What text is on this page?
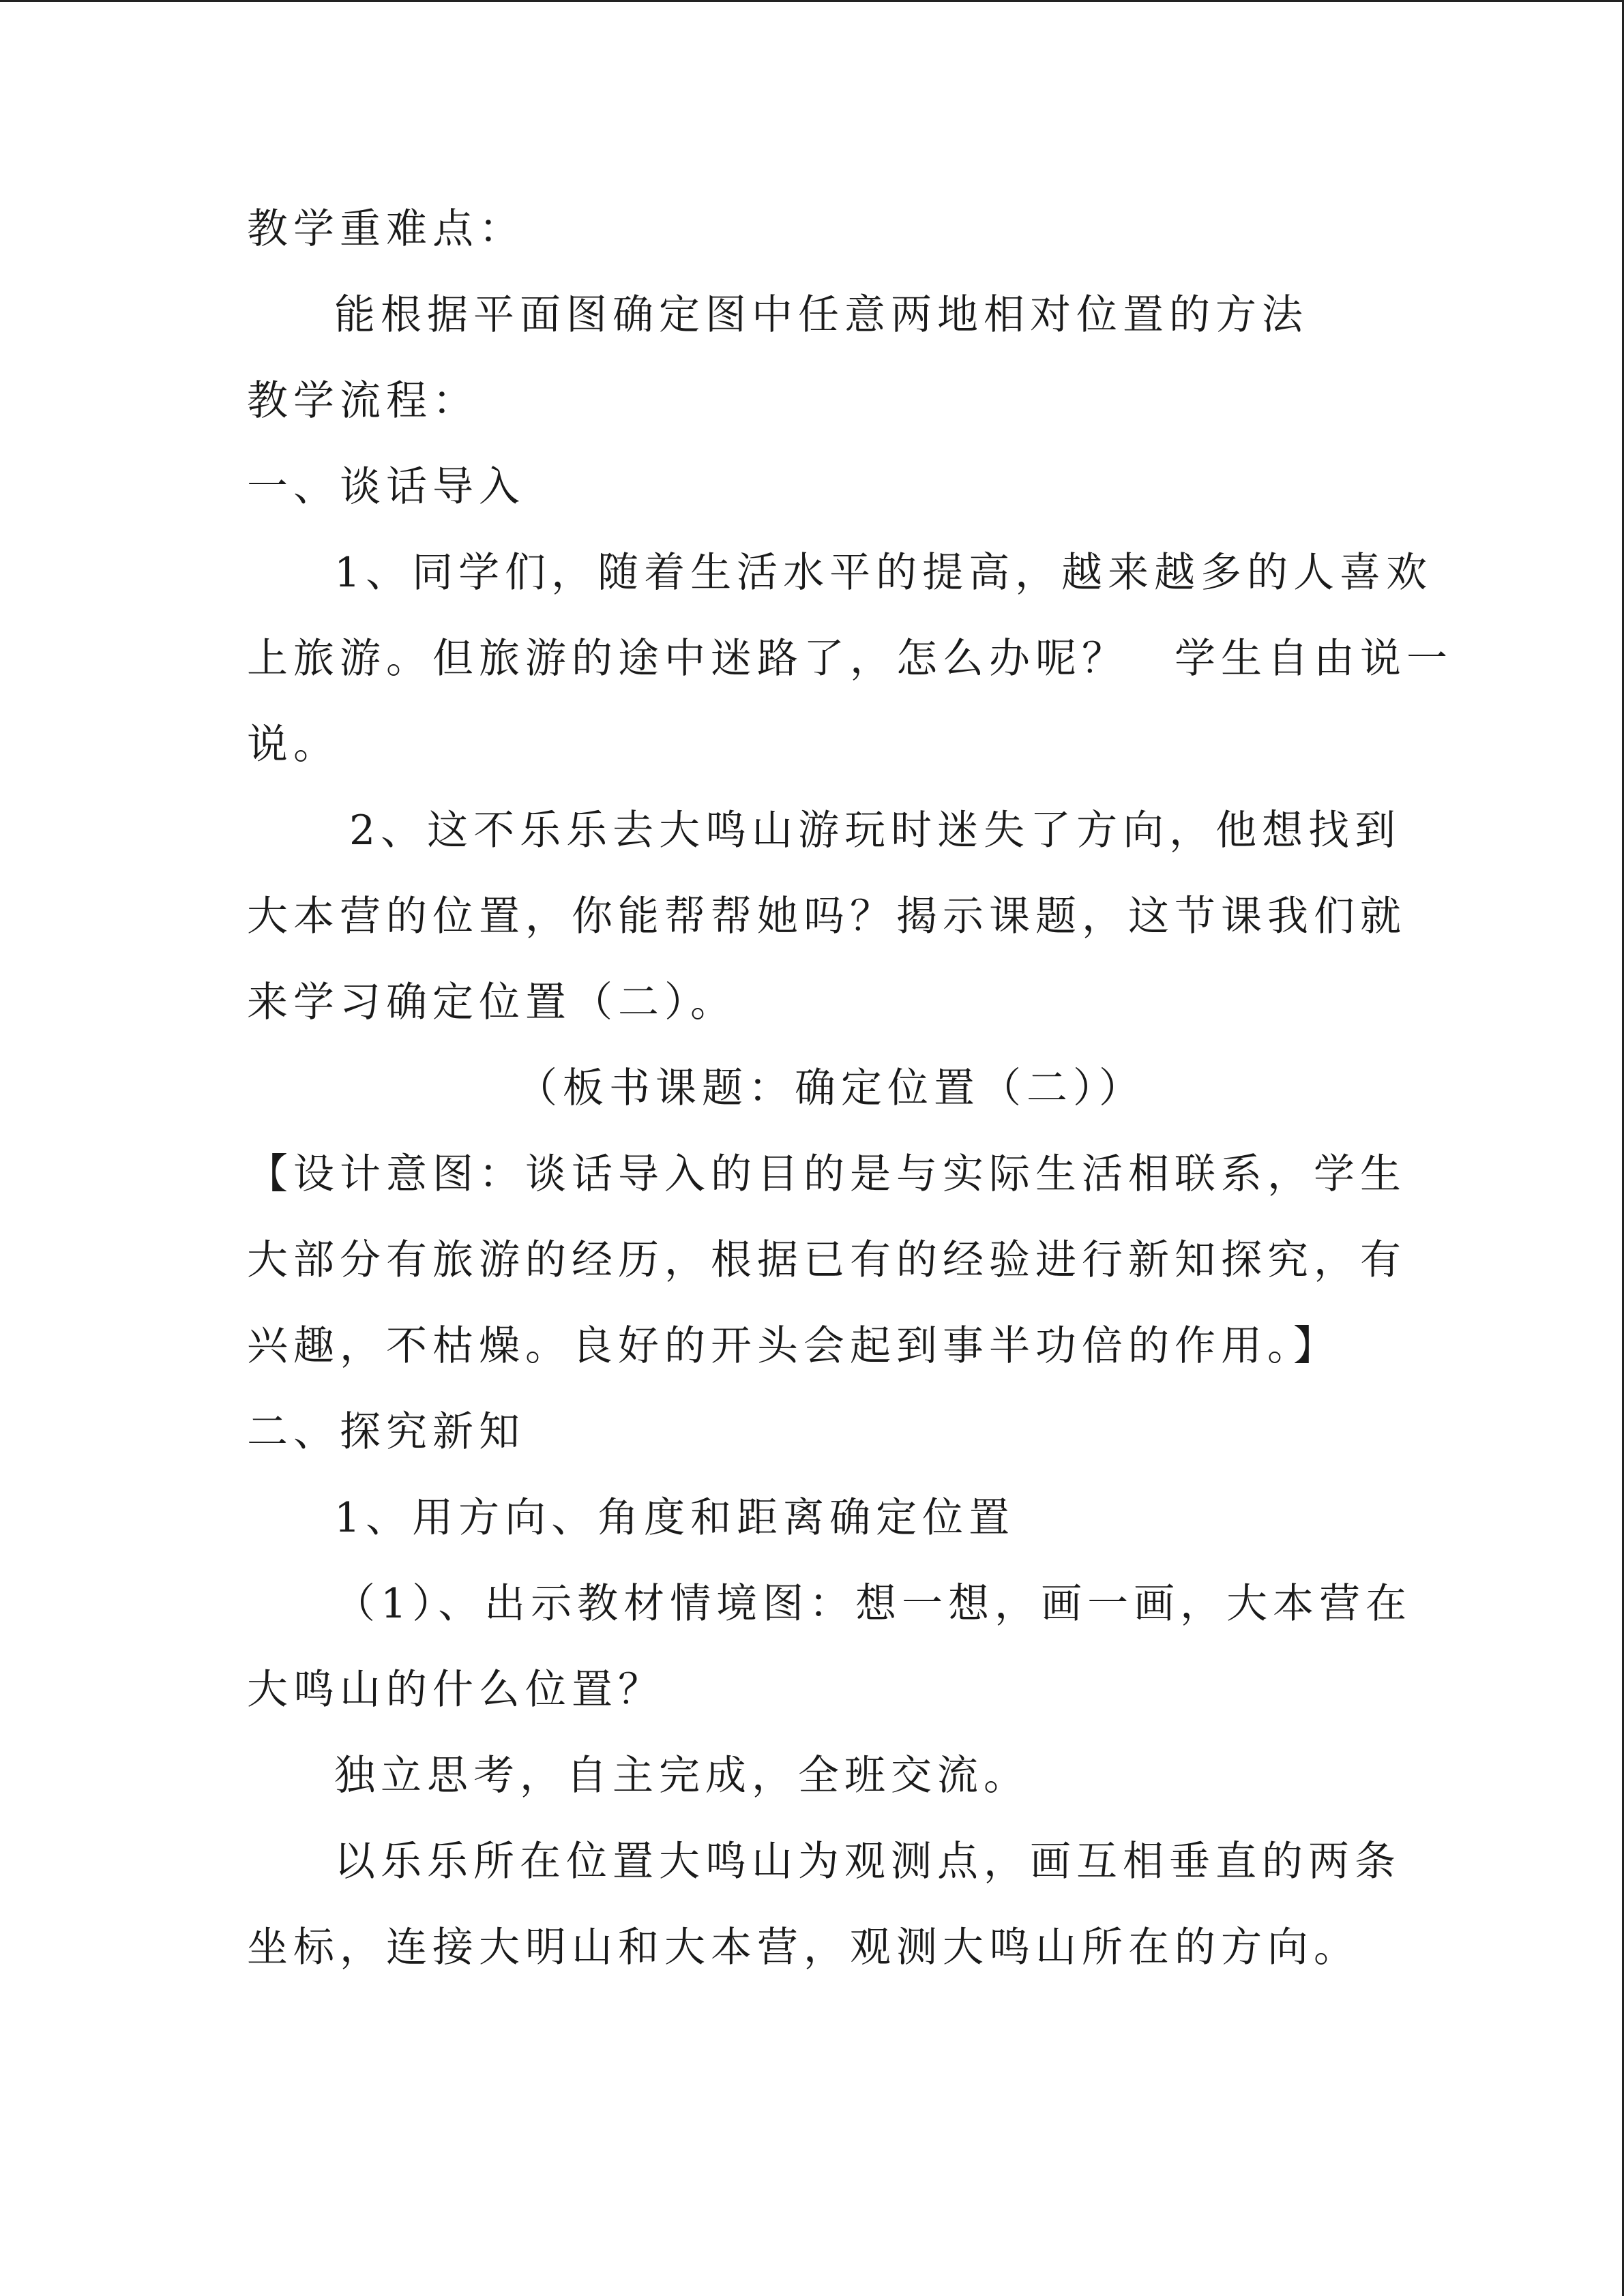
教学重难点：
能根据平面图确定图中任意两地相对位置的方法
教学流程：
一、谈话导入
1、同学们，随着生活水平的提高，越来越多的人喜欢
上旅游。但旅游的途中迷路了，怎么办呢？　学生自由说一
说。
2、这不乐乐去大鸣山游玩时迷失了方向，他想找到
大本营的位置，你能帮帮她吗？揭示课题，这节课我们就
来学习确定位置（二）。
（板书课题：确定位置（二））
【设计意图：谈话导入的目的是与实际生活相联系，学生
大部分有旅游的经历，根据已有的经验进行新知探究，有
兴趣，不枯燥。良好的开头会起到事半功倍的作用。】
二、探究新知
1、用方向、角度和距离确定位置
（1）、出示教材情境图：想一想，画一画，大本营在
大鸣山的什么位置？
独立思考，自主完成，全班交流。
以乐乐所在位置大鸣山为观测点，画互相垂直的两条
坐标，连接大明山和大本营，观测大鸣山所在的方向。
